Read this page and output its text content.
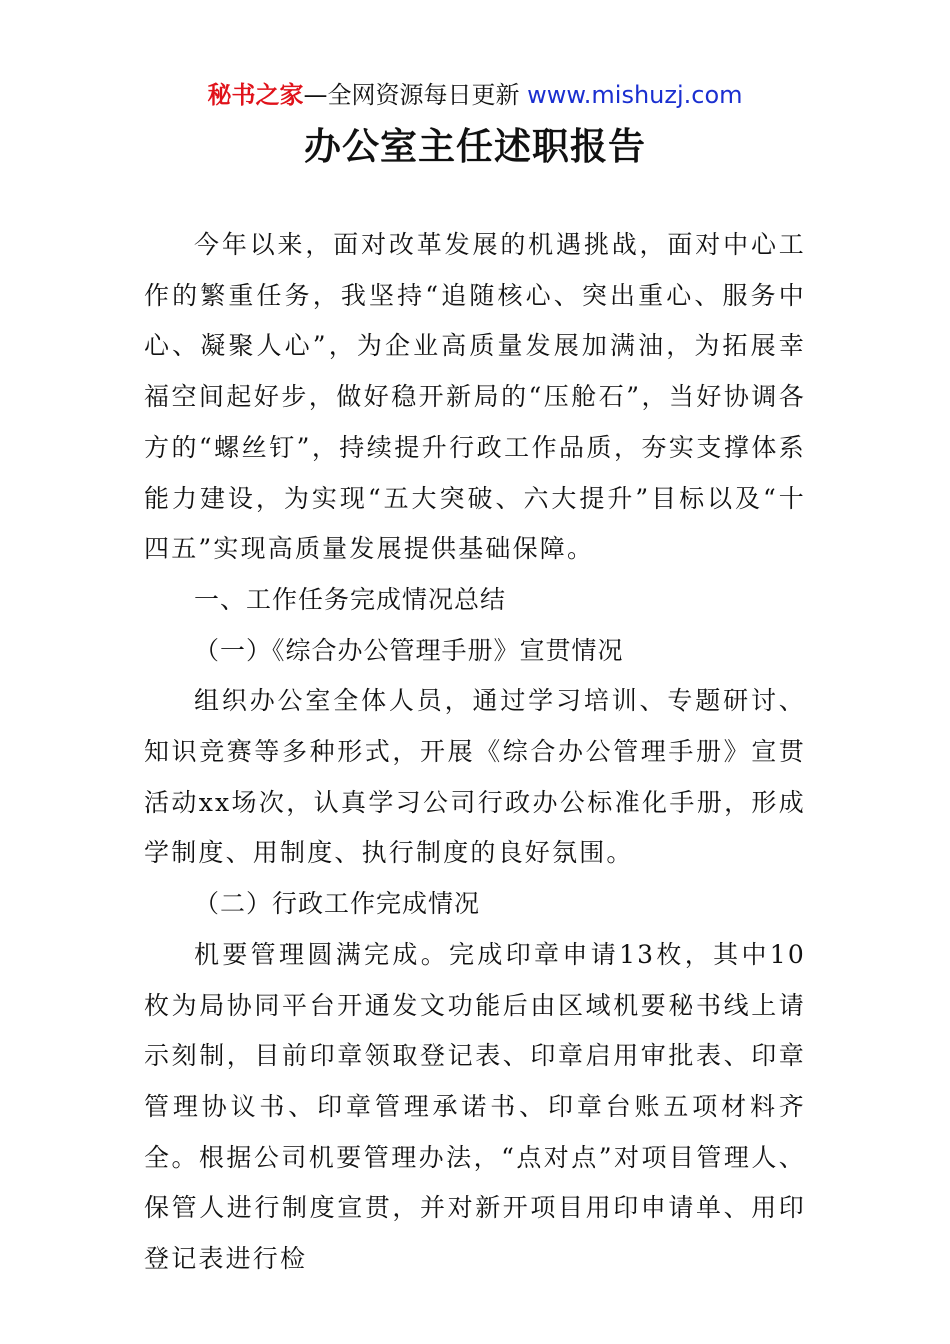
秘书之家—全网资源每日更新 www.mishuzj.com
办公室主任述职报告

今年以来，面对改革发展的机遇挑战，面对中心工作的繁重任务，我坚持“追随核心、突出重心、服务中心、凝聚人心”，为企业高质量发展加满油，为拓展幸福空间起好步，做好稳开新局的“压舱石”，当好协调各方的“螺丝钉”，持续提升行政工作品质，夯实支撑体系能力建设，为实现“五大突破、六大提升”目标以及“十四五”实现高质量发展提供基础保障。

一、工作任务完成情况总结

（一）《综合办公管理手册》宣贯情况

组织办公室全体人员，通过学习培训、专题研讨、知识竞赛等多种形式，开展《综合办公管理手册》宣贯活动xx场次，认真学习公司行政办公标准化手册，形成学制度、用制度、执行制度的良好氛围。

（二）行政工作完成情况

机要管理圆满完成。完成印章申请13枚，其中10枚为局协同平台开通发文功能后由区域机要秘书线上请示刻制，目前印章领取登记表、印章启用审批表、印章管理协议书、印章管理承诺书、印章台账五项材料齐全。根据公司机要管理办法，“点对点”对项目管理人、保管人进行制度宣贯，并对新开项目用印申请单、用印登记表进行检
